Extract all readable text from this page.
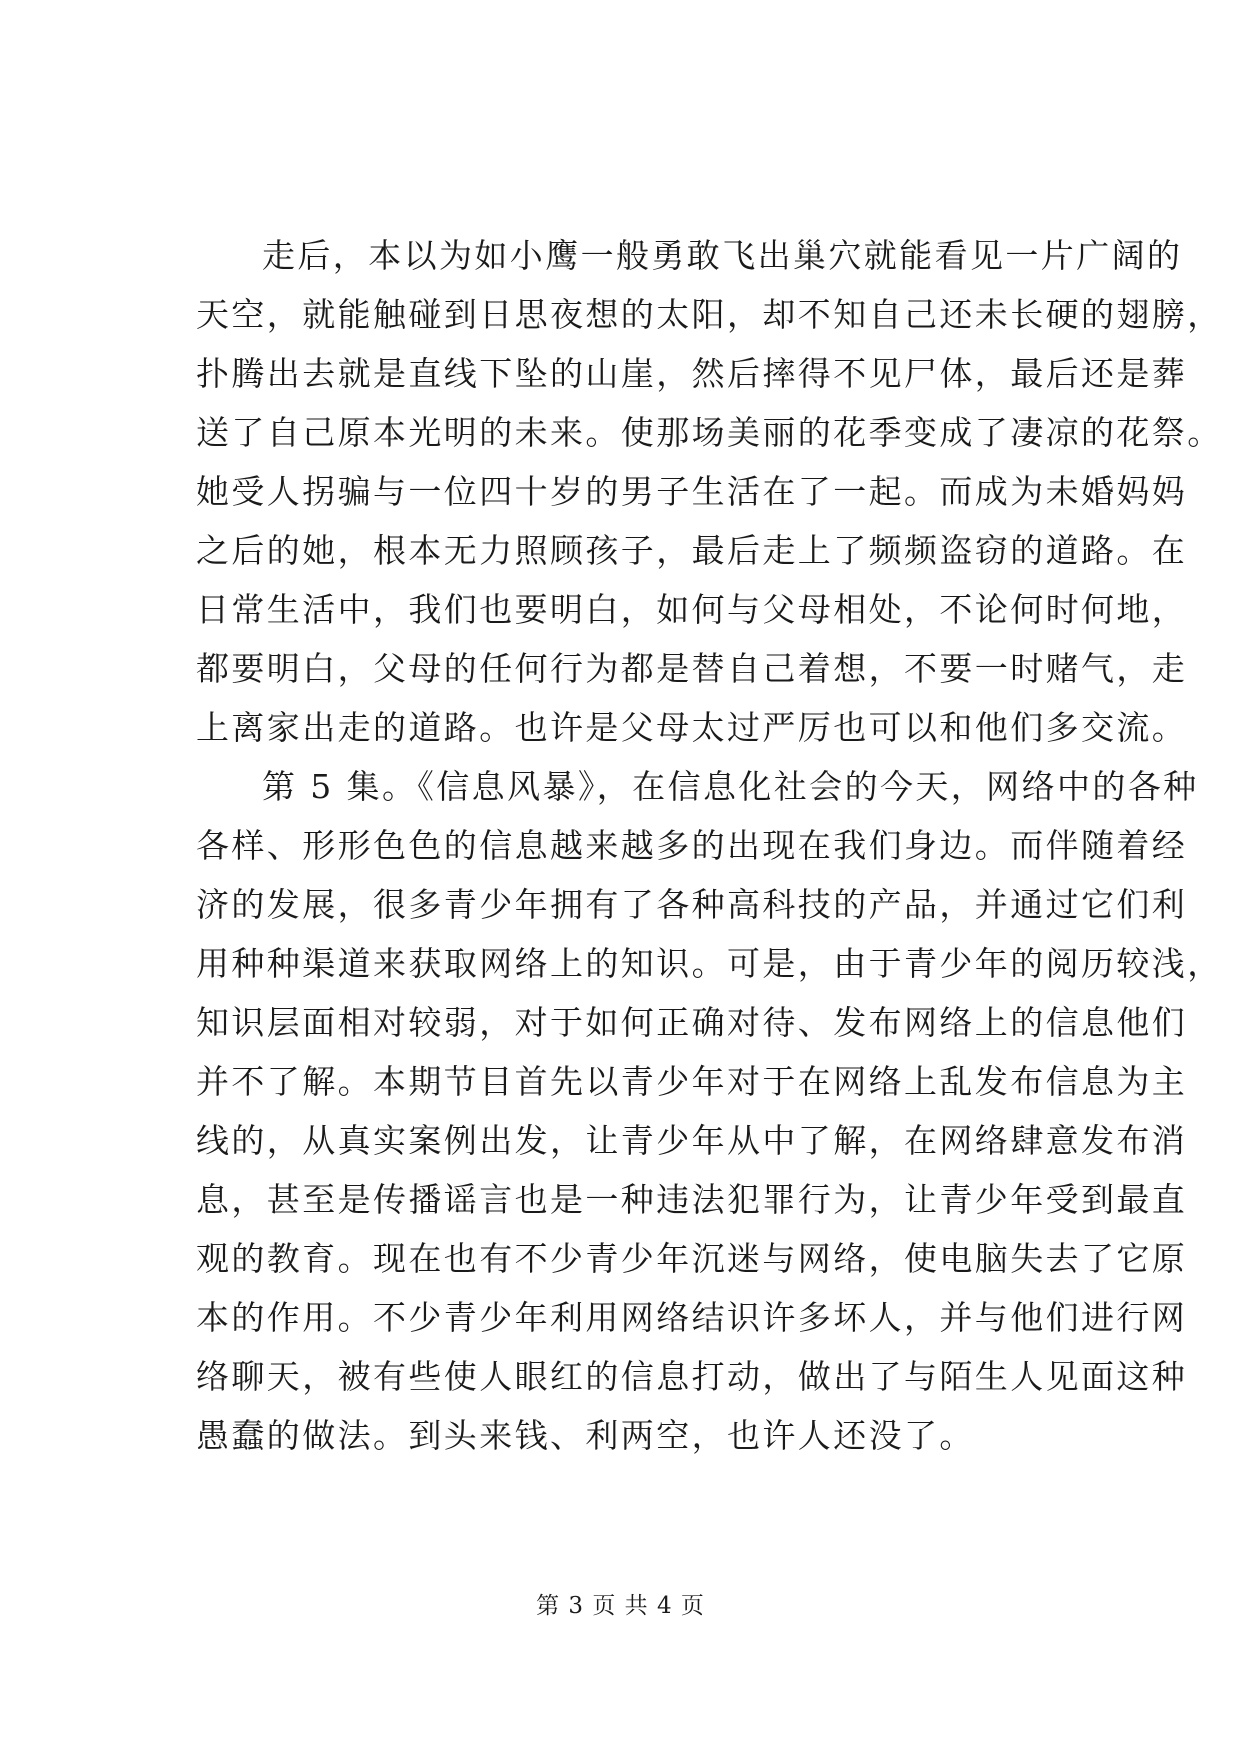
走后，本以为如小鹰一般勇敢飞出巢穴就能看见一片广阔的
天空，就能触碰到日思夜想的太阳，却不知自己还未长硬的翅膀，
扑腾出去就是直线下坠的山崖，然后摔得不见尸体，最后还是葬
送了自己原本光明的未来。使那场美丽的花季变成了凄凉的花祭。
她受人拐骗与一位四十岁的男子生活在了一起。而成为未婚妈妈
之后的她，根本无力照顾孩子，最后走上了频频盗窃的道路。在
日常生活中，我们也要明白，如何与父母相处，不论何时何地，
都要明白，父母的任何行为都是替自己着想，不要一时赌气，走
上离家出走的道路。也许是父母太过严厉也可以和他们多交流。
第 5 集。《信息风暴》，在信息化社会的今天，网络中的各种
各样、形形色色的信息越来越多的出现在我们身边。而伴随着经
济的发展，很多青少年拥有了各种高科技的产品，并通过它们利
用种种渠道来获取网络上的知识。可是，由于青少年的阅历较浅，
知识层面相对较弱，对于如何正确对待、发布网络上的信息他们
并不了解。本期节目首先以青少年对于在网络上乱发布信息为主
线的，从真实案例出发，让青少年从中了解，在网络肆意发布消
息，甚至是传播谣言也是一种违法犯罪行为，让青少年受到最直
观的教育。现在也有不少青少年沉迷与网络，使电脑失去了它原
本的作用。不少青少年利用网络结识许多坏人，并与他们进行网
络聊天，被有些使人眼红的信息打动，做出了与陌生人见面这种
愚蠢的做法。到头来钱、利两空，也许人还没了。
第 3 页 共 4 页
